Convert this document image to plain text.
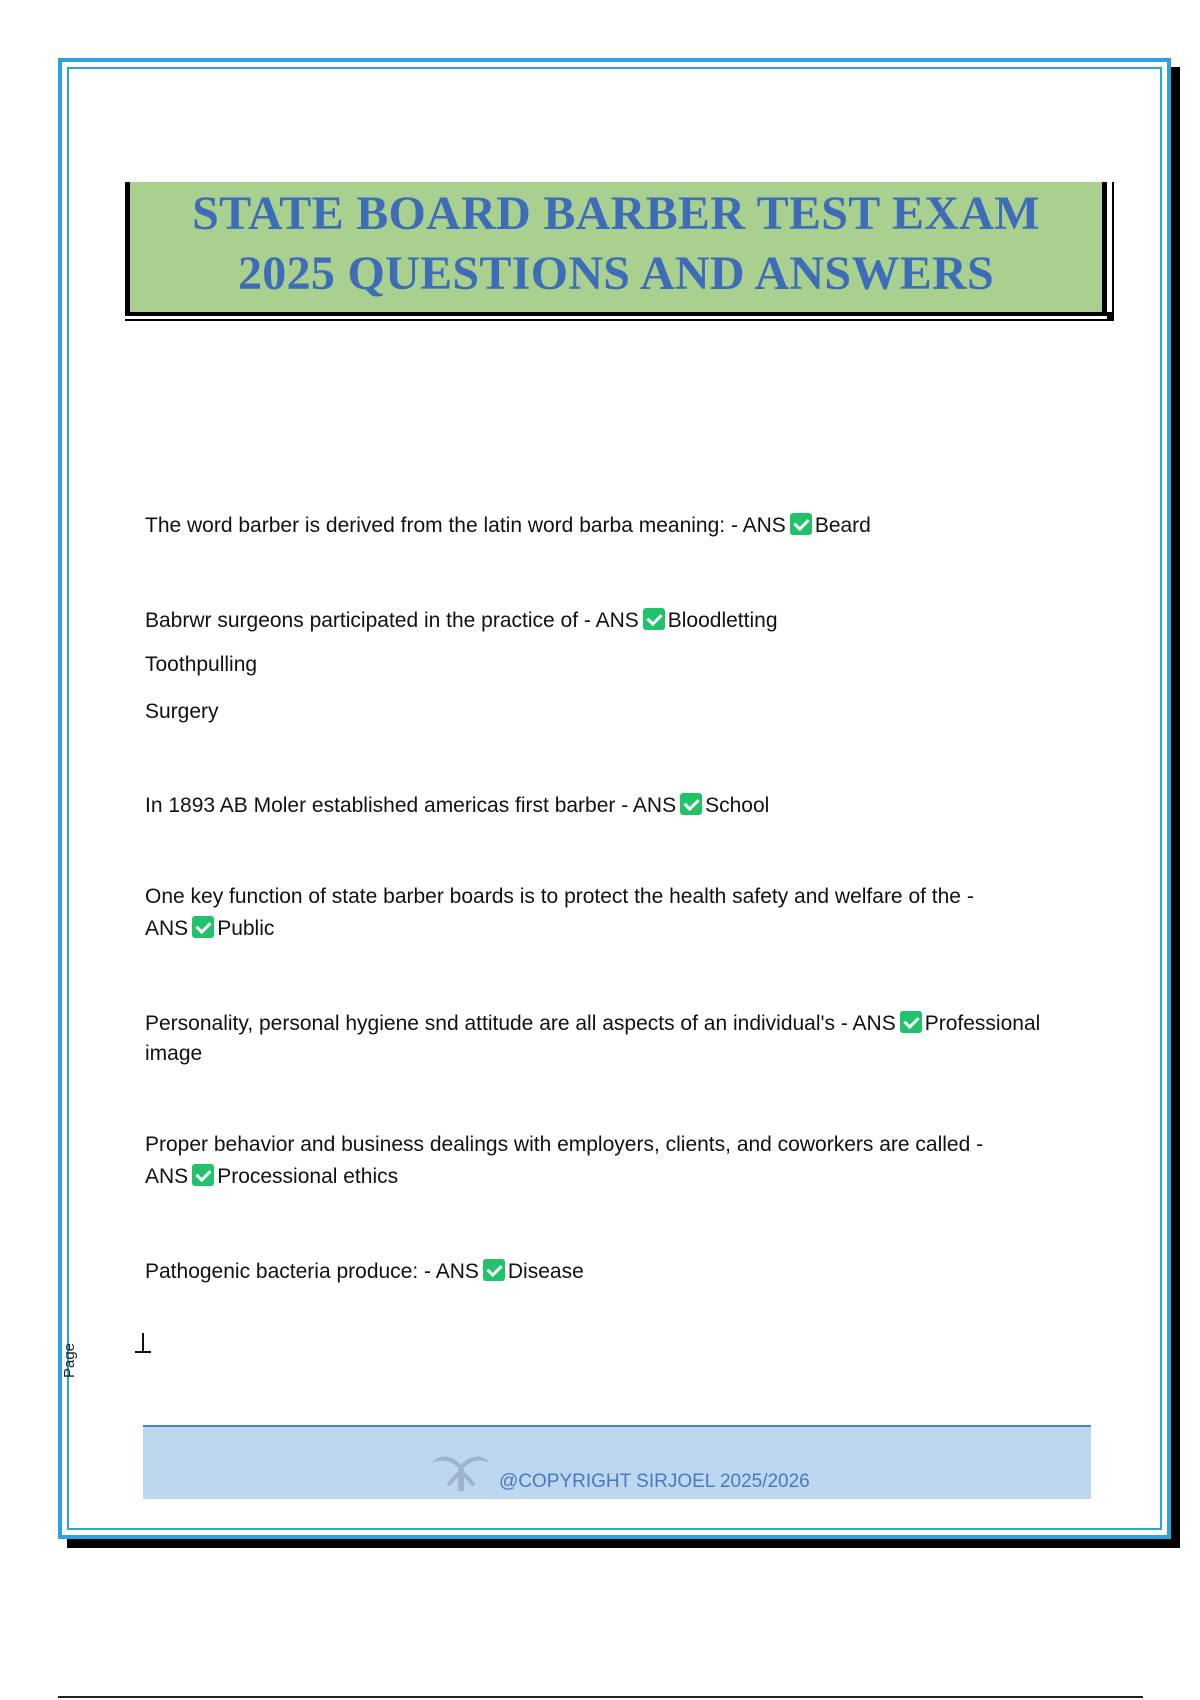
STATE BOARD BARBER TEST EXAM
2025 QUESTIONS AND ANSWERS
The word barber is derived from the latin word barba meaning: - ANS Beard
Babrwr surgeons participated in the practice of - ANS Bloodletting
Toothpulling
Surgery
In 1893 AB Moler established americas first barber - ANS School
One key function of state barber boards is to protect the health safety and welfare of the -
ANS Public
Personality, personal hygiene snd attitude are all aspects of an individual's - ANS Professional
image
Proper behavior and business dealings with employers, clients, and coworkers are called -
ANS Processional ethics
Pathogenic bacteria produce: - ANS Disease
Page
@COPYRIGHT SIRJOEL 2025/2026
